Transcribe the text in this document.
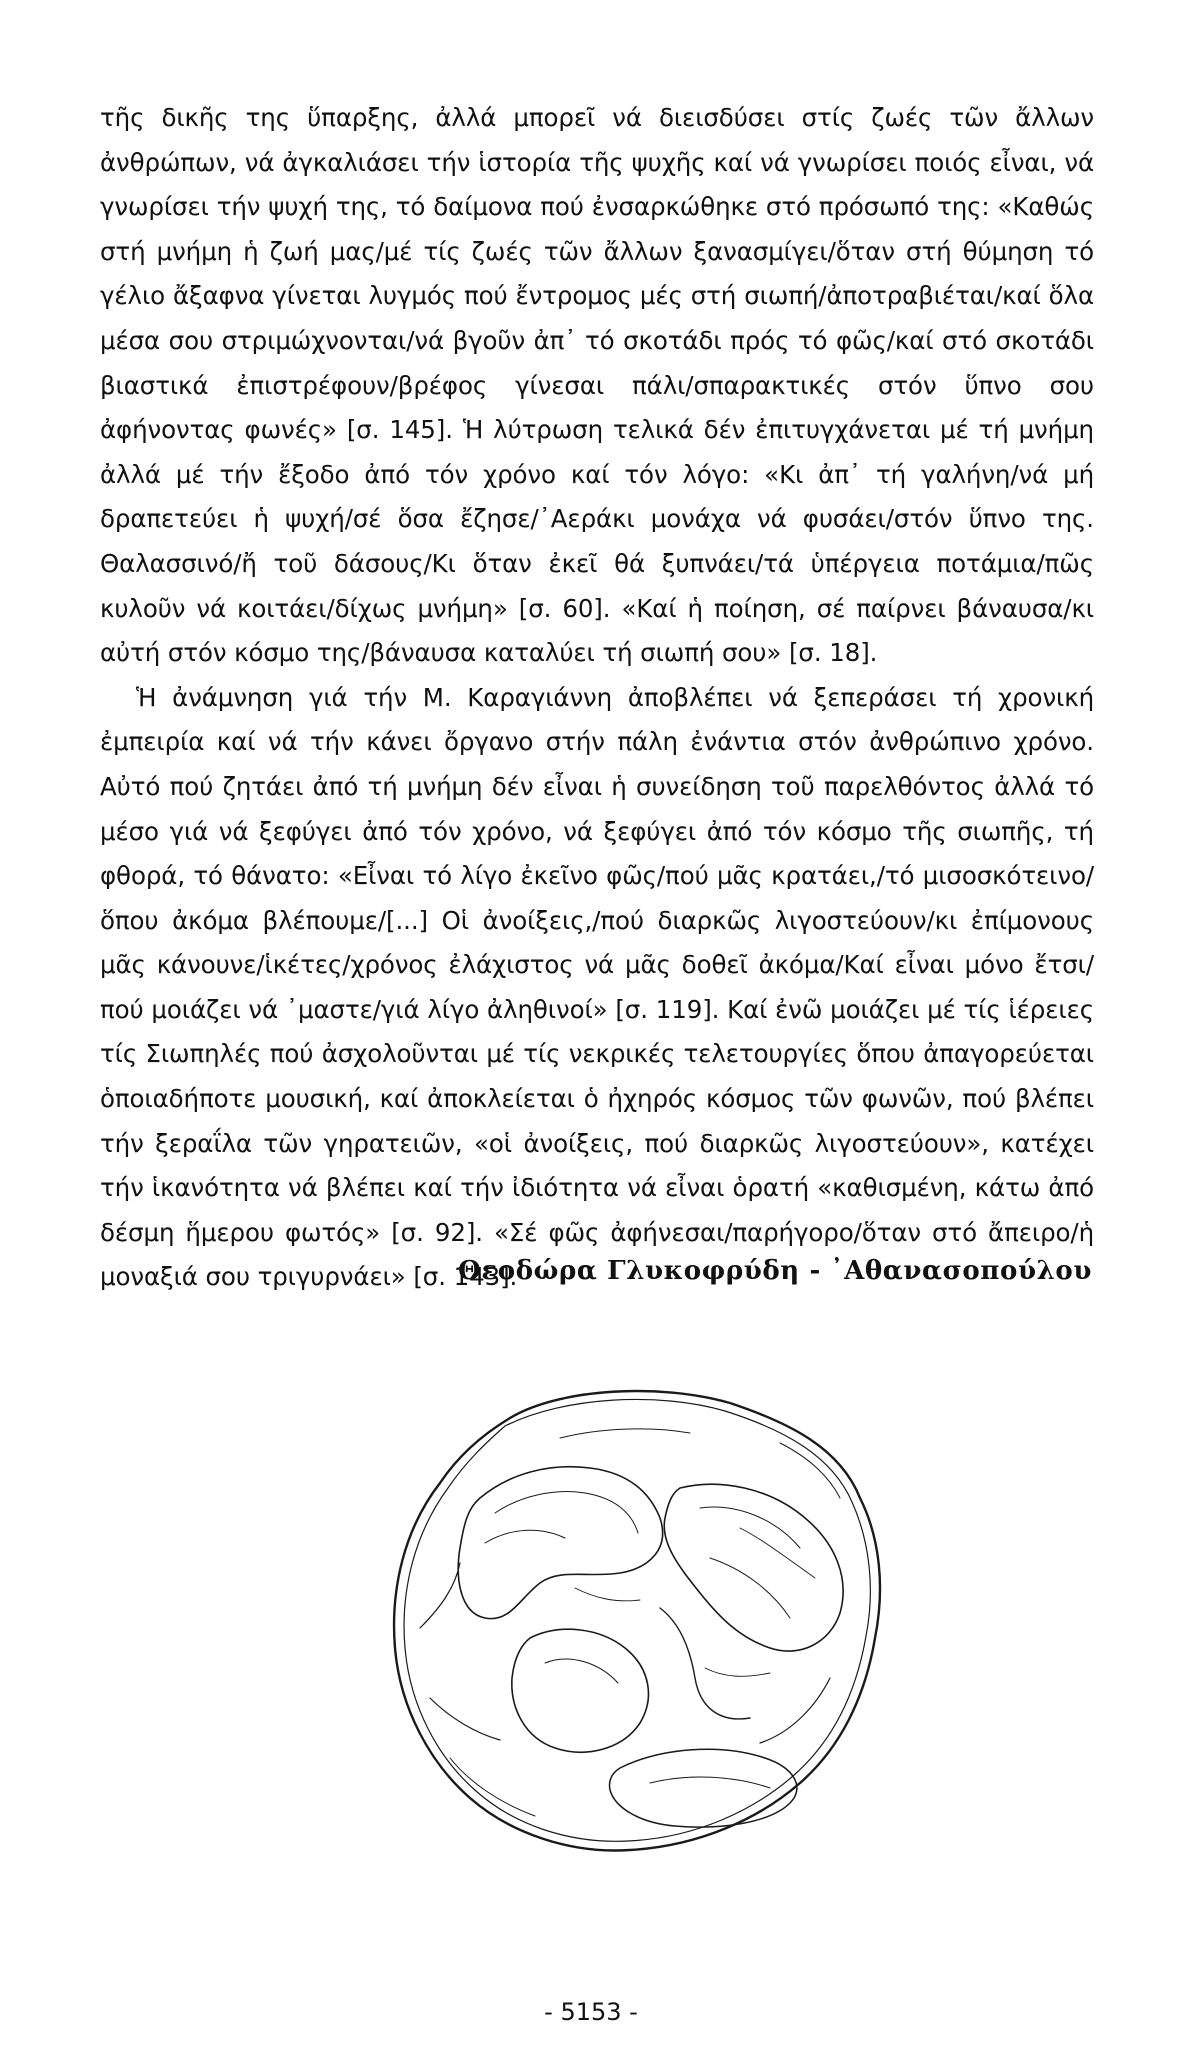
τῆς δικῆς της ὕπαρξης, ἀλλά μπορεῖ νά διεισδύσει στίς ζωές τῶν ἄλλων ἀνθρώπων, νά ἀγκαλιάσει τήν ἱστορία τῆς ψυχῆς καί νά γνωρίσει ποιός εἶναι, νά γνωρίσει τήν ψυχή της, τό δαίμονα πού ἐνσαρκώθηκε στό πρόσωπό της: «Καθώς στή μνήμη ἡ ζωή μας/μέ τίς ζωές τῶν ἄλλων ξανασμίγει/ὅταν στή θύμηση τό γέλιο ἄξαφνα γίνεται λυγμός πού ἔντρομος μές στή σιωπή/ἀποτραβιέται/καί ὅλα μέσα σου στριμώχνονται/νά βγοῦν ἀπ᾿ τό σκοτάδι πρός τό φῶς/καί στό σκοτάδι βιαστικά ἐπιστρέφουν/βρέφος γίνεσαι πάλι/σπαρακτικές στόν ὕπνο σου ἀφήνοντας φωνές» [σ. 145]. Ἡ λύτρωση τελικά δέν ἐπιτυγχάνεται μέ τή μνήμη ἀλλά μέ τήν ἔξοδο ἀπό τόν χρόνο καί τόν λόγο: «Κι ἀπ᾿ τή γαλήνη/νά μή δραπετεύει ἡ ψυχή/σέ ὅσα ἔζησε/᾿Αεράκι μονάχα νά φυσάει/στόν ὕπνο της. Θαλασσινό/ἤ τοῦ δάσους/Κι ὅταν ἐκεῖ θά ξυπνάει/τά ὑπέργεια ποτάμια/πῶς κυλοῦν νά κοιτάει/δίχως μνήμη» [σ. 60]. «Καί ἡ ποίηση, σέ παίρνει βάναυσα/κι αὐτή στόν κόσμο της/βάναυσα καταλύει τή σιωπή σου» [σ. 18].

Ἡ ἀνάμνηση γιά τήν Μ. Καραγιάννη ἀποβλέπει νά ξεπεράσει τή χρονική ἐμπειρία καί νά τήν κάνει ὄργανο στήν πάλη ἐνάντια στόν ἀνθρώπινο χρόνο. Αὐτό πού ζητάει ἀπό τή μνήμη δέν εἶναι ἡ συνείδηση τοῦ παρελθόντος ἀλλά τό μέσο γιά νά ξεφύγει ἀπό τόν χρόνο, νά ξεφύγει ἀπό τόν κόσμο τῆς σιωπῆς, τή φθορά, τό θάνατο: «Εἶναι τό λίγο ἐκεῖνο φῶς/πού μᾶς κρατάει,/τό μισοσκότεινο/ὅπου ἀκόμα βλέπουμε/[...] Οἱ ἀνοίξεις,/πού διαρκῶς λιγοστεύουν/κι ἐπίμονους μᾶς κάνουνε/ἱκέτες/χρόνος ἐλάχιστος νά μᾶς δοθεῖ ἀκόμα/Καί εἶναι μόνο ἔτσι/πού μοιάζει νά ᾿μαστε/γιά λίγο ἀληθινοί» [σ. 119]. Καί ἐνῶ μοιάζει μέ τίς ἱέρειες τίς Σιωπηλές πού ἀσχολοῦνται μέ τίς νεκρικές τελετουργίες ὅπου ἀπαγορεύεται ὁποιαδήποτε μουσική, καί ἀποκλείεται ὁ ἠχηρός κόσμος τῶν φωνῶν, πού βλέπει τήν ξεραΐλα τῶν γηρατειῶν, «οἱ ἀνοίξεις, πού διαρκῶς λιγοστεύουν», κατέχει τήν ἱκανότητα νά βλέπει καί τήν ἰδιότητα νά εἶναι ὁρατή «καθισμένη, κάτω ἀπό δέσμη ἥμερου φωτός» [σ. 92]. «Σέ φῶς ἀφήνεσαι/παρήγορο/ὅταν στό ἄπειρο/ἡ μοναξιά σου τριγυρνάει» [σ. 143].

Θεοδώρα Γλυκοφρύδη - ᾿Αθανασοπούλου
- 5153 -
